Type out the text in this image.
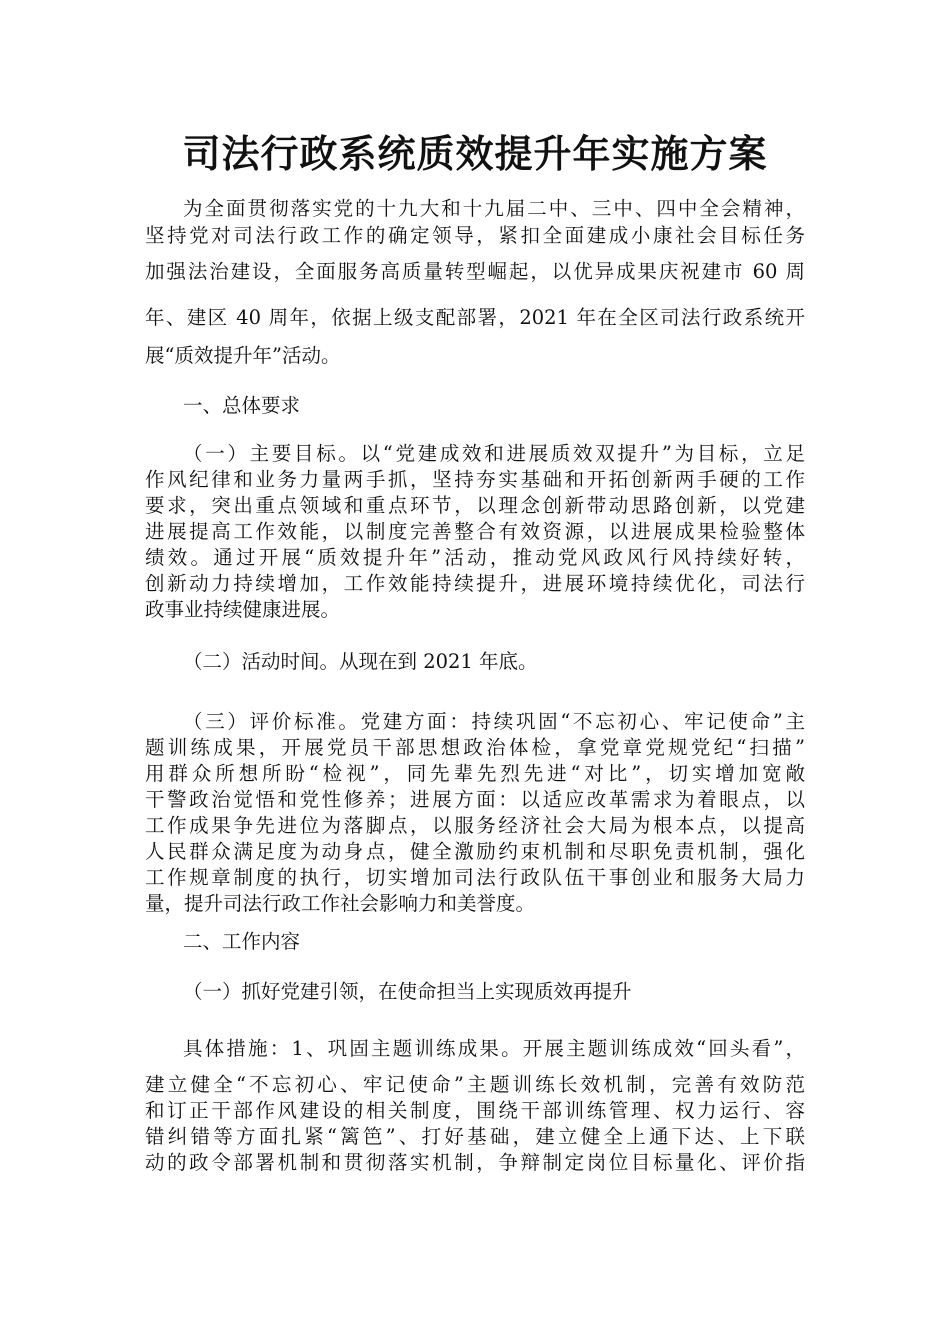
司法行政系统质效提升年实施方案
为全面贯彻落实党的十九大和十九届二中、三中、四中全会精神，
坚持党对司法行政工作的确定领导，紧扣全面建成小康社会目标任务
加强法治建设，全面服务高质量转型崛起，以优异成果庆祝建市 60 周
年、建区 40 周年，依据上级支配部署，2021 年在全区司法行政系统开
展“质效提升年”活动。
一、总体要求
（一）主要目标。以“党建成效和进展质效双提升”为目标，立足
作风纪律和业务力量两手抓，坚持夯实基础和开拓创新两手硬的工作
要求，突出重点领域和重点环节，以理念创新带动思路创新，以党建
进展提高工作效能，以制度完善整合有效资源，以进展成果检验整体
绩效。通过开展“质效提升年”活动，推动党风政风行风持续好转，
创新动力持续增加，工作效能持续提升，进展环境持续优化，司法行
政事业持续健康进展。
（二）活动时间。从现在到 2021 年底。
（三）评价标准。党建方面：持续巩固“不忘初心、牢记使命”主
题训练成果，开展党员干部思想政治体检，拿党章党规党纪“扫描”
用群众所想所盼“检视”，同先辈先烈先进“对比”，切实增加宽敞
干警政治觉悟和党性修养；进展方面：以适应改革需求为着眼点，以
工作成果争先进位为落脚点，以服务经济社会大局为根本点，以提高
人民群众满足度为动身点，健全激励约束机制和尽职免责机制，强化
工作规章制度的执行，切实增加司法行政队伍干事创业和服务大局力
量，提升司法行政工作社会影响力和美誉度。
二、工作内容
（一）抓好党建引领，在使命担当上实现质效再提升
具体措施：1、巩固主题训练成果。开展主题训练成效“回头看”，
建立健全“不忘初心、牢记使命”主题训练长效机制，完善有效防范
和订正干部作风建设的相关制度，围绕干部训练管理、权力运行、容
错纠错等方面扎紧“篱笆”、打好基础，建立健全上通下达、上下联
动的政令部署机制和贯彻落实机制，争辩制定岗位目标量化、评价指
